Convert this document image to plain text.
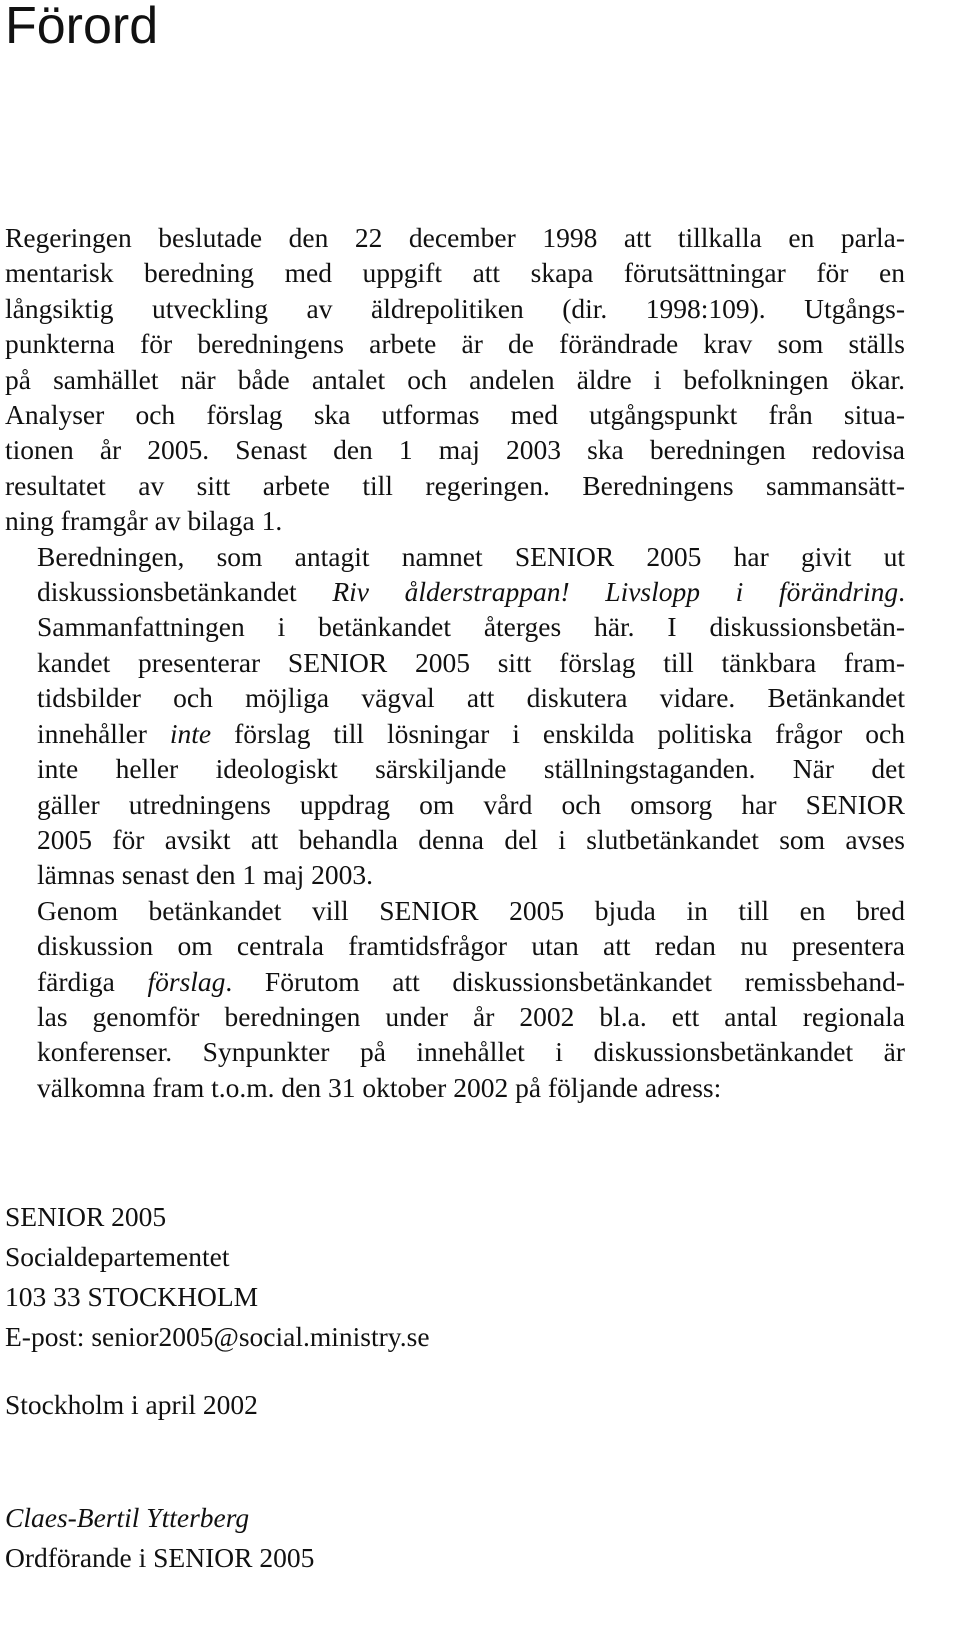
Förord

Regeringen beslutade den 22 december 1998 att tillkalla en parla-
mentarisk beredning med uppgift att skapa förutsättningar för en
långsiktig utveckling av äldrepolitiken (dir. 1998:109). Utgångs-
punkterna för beredningens arbete är de förändrade krav som ställs
på samhället när både antalet och andelen äldre i befolkningen ökar.
Analyser och förslag ska utformas med utgångspunkt från situa-
tionen år 2005. Senast den 1 maj 2003 ska beredningen redovisa
resultatet av sitt arbete till regeringen. Beredningens sammansätt-
ning framgår av bilaga 1.

Beredningen, som antagit namnet SENIOR 2005 har givit ut
diskussionsbetänkandet Riv ålderstrappan! Livslopp i förändring.
Sammanfattningen i betänkandet återges här. I diskussionsbetän-
kandet presenterar SENIOR 2005 sitt förslag till tänkbara fram-
tidsbilder och möjliga vägval att diskutera vidare. Betänkandet
innehåller inte förslag till lösningar i enskilda politiska frågor och
inte heller ideologiskt särskiljande ställningstaganden. När det
gäller utredningens uppdrag om vård och omsorg har SENIOR
2005 för avsikt att behandla denna del i slutbetänkandet som avses
lämnas senast den 1 maj 2003.

Genom betänkandet vill SENIOR 2005 bjuda in till en bred
diskussion om centrala framtidsfrågor utan att redan nu presentera
färdiga förslag. Förutom att diskussionsbetänkandet remissbehand-
las genomför beredningen under år 2002 bl.a. ett antal regionala
konferenser. Synpunkter på innehållet i diskussionsbetänkandet är
välkomna fram t.o.m. den 31 oktober 2002 på följande adress:

SENIOR 2005
Socialdepartementet
103 33 STOCKHOLM
E-post: senior2005@social.ministry.se
Stockholm i april 2002
Claes-Bertil Ytterberg
Ordförande i SENIOR 2005
